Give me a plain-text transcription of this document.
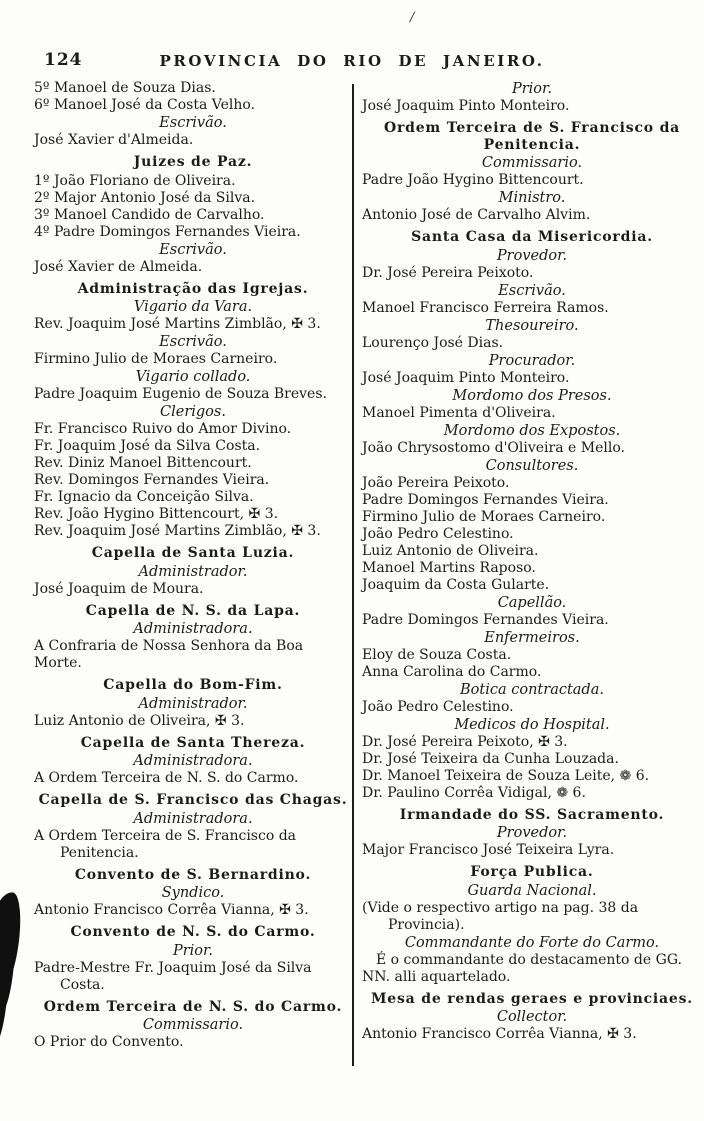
124	PROVINCIA DO RIO DE JANEIRO.
/
5º Manoel de Souza Dias.
6º Manoel José da Costa Velho.
Escrivão.
José Xavier d'Almeida.
Juizes de Paz.
1º João Floriano de Oliveira.
2º Major Antonio José da Silva.
3º Manoel Candido de Carvalho.
4º Padre Domingos Fernandes Vieira.
Escrivão.
José Xavier de Almeida.
Administração das Igrejas.
Vigario da Vara.
Rev. Joaquim José Martins Zimblão, ✠ 3.
Escrivão.
Firmino Julio de Moraes Carneiro.
Vigario collado.
Padre Joaquim Eugenio de Souza Breves.
Clerigos.
Fr. Francisco Ruivo do Amor Divino.
Fr. Joaquim José da Silva Costa.
Rev. Diniz Manoel Bittencourt.
Rev. Domingos Fernandes Vieira.
Fr. Ignacio da Conceição Silva.
Rev. João Hygino Bittencourt, ✠ 3.
Rev. Joaquim José Martins Zimblão, ✠ 3.
Capella de Santa Luzia.
Administrador.
José Joaquim de Moura.
Capella de N. S. da Lapa.
Administradora.
A Confraria de Nossa Senhora da Boa Morte.
Capella do Bom-Fim.
Administrador.
Luiz Antonio de Oliveira, ✠ 3.
Capella de Santa Thereza.
Administradora.
A Ordem Terceira de N. S. do Carmo.
Capella de S. Francisco das Chagas.
Administradora.
A Ordem Terceira de S. Francisco da Penitencia.
Convento de S. Bernardino.
Syndico.
Antonio Francisco Corrêa Vianna, ✠ 3.
Convento de N. S. do Carmo.
Prior.
Padre-Mestre Fr. Joaquim José da Silva Costa.
Ordem Terceira de N. S. do Carmo.
Commissario.
O Prior do Convento.
Prior.
José Joaquim Pinto Monteiro.
Ordem Terceira de S. Francisco da Penitencia.
Commissario.
Padre João Hygino Bittencourt.
Ministro.
Antonio José de Carvalho Alvim.
Santa Casa da Misericordia.
Provedor.
Dr. José Pereira Peixoto.
Escrivão.
Manoel Francisco Ferreira Ramos.
Thesoureiro.
Lourenço José Dias.
Procurador.
José Joaquim Pinto Monteiro.
Mordomo dos Presos.
Manoel Pimenta d'Oliveira.
Mordomo dos Expostos.
João Chrysostomo d'Oliveira e Mello.
Consultores.
João Pereira Peixoto.
Padre Domingos Fernandes Vieira.
Firmino Julio de Moraes Carneiro.
João Pedro Celestino.
Luiz Antonio de Oliveira.
Manoel Martins Raposo.
Joaquim da Costa Gularte.
Capellão.
Padre Domingos Fernandes Vieira.
Enfermeiros.
Eloy de Souza Costa.
Anna Carolina do Carmo.
Botica contractada.
João Pedro Celestino.
Medicos do Hospital.
Dr. José Pereira Peixoto, ✠ 3.
Dr. José Teixeira da Cunha Louzada.
Dr. Manoel Teixeira de Souza Leite, ❁ 6.
Dr. Paulino Corrêa Vidigal, ❁ 6.
Irmandade do SS. Sacramento.
Provedor.
Major Francisco José Teixeira Lyra.
Força Publica.
Guarda Nacional.
(Vide o respectivo artigo na pag. 38 da Provincia).
Commandante do Forte do Carmo.
É o commandante do destacamento de GG. NN. alli aquartelado.
Mesa de rendas geraes e provinciaes.
Collector.
Antonio Francisco Corrêa Vianna, ✠ 3.
